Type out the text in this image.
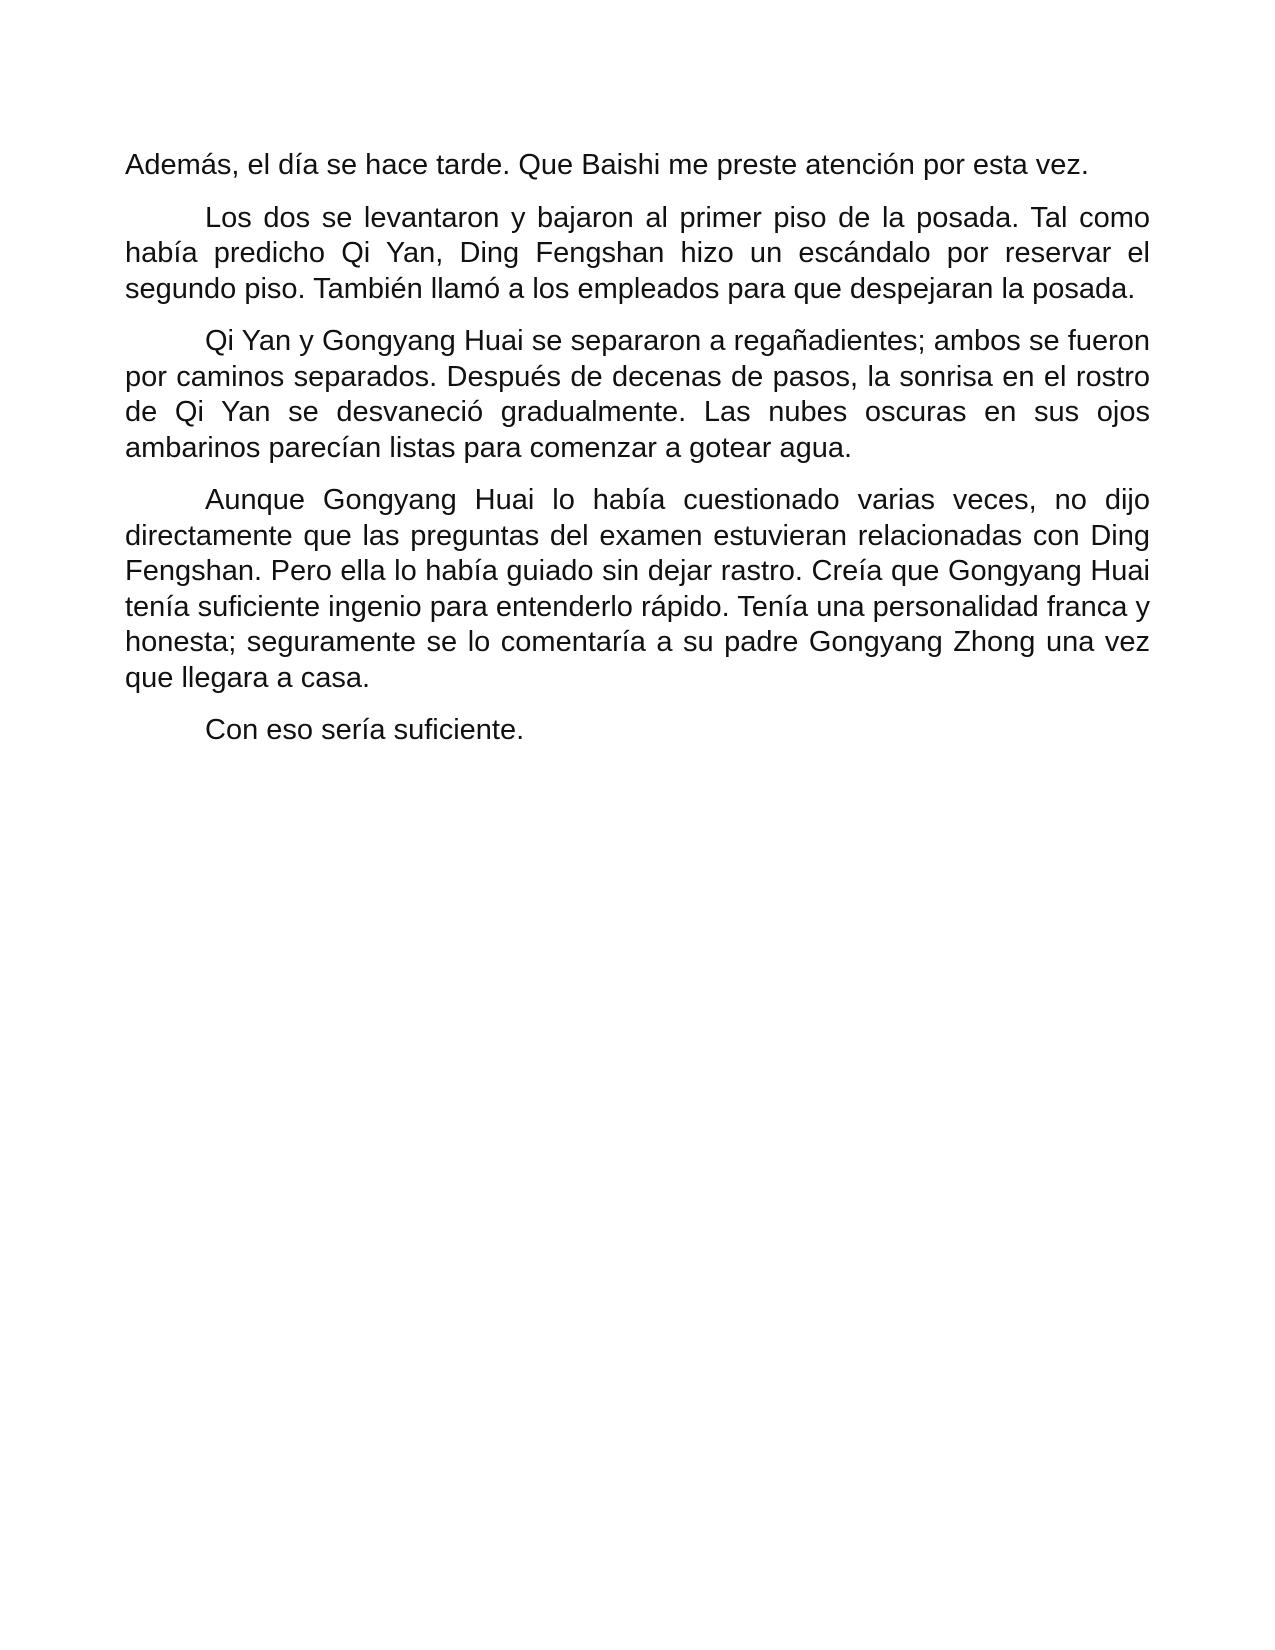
Además, el día se hace tarde. Que Baishi me preste atención por esta vez.

Los dos se levantaron y bajaron al primer piso de la posada. Tal como había predicho Qi Yan, Ding Fengshan hizo un escándalo por reservar el segundo piso. También llamó a los empleados para que despejaran la posada.

Qi Yan y Gongyang Huai se separaron a regañadientes; ambos se fueron por caminos separados. Después de decenas de pasos, la sonrisa en el rostro de Qi Yan se desvaneció gradualmente. Las nubes oscuras en sus ojos ambarinos parecían listas para comenzar a gotear agua.

Aunque Gongyang Huai lo había cuestionado varias veces, no dijo directamente que las preguntas del examen estuvieran relacionadas con Ding Fengshan. Pero ella lo había guiado sin dejar rastro. Creía que Gongyang Huai tenía suficiente ingenio para entenderlo rápido. Tenía una personalidad franca y honesta; seguramente se lo comentaría a su padre Gongyang Zhong una vez que llegara a casa.

Con eso sería suficiente.
